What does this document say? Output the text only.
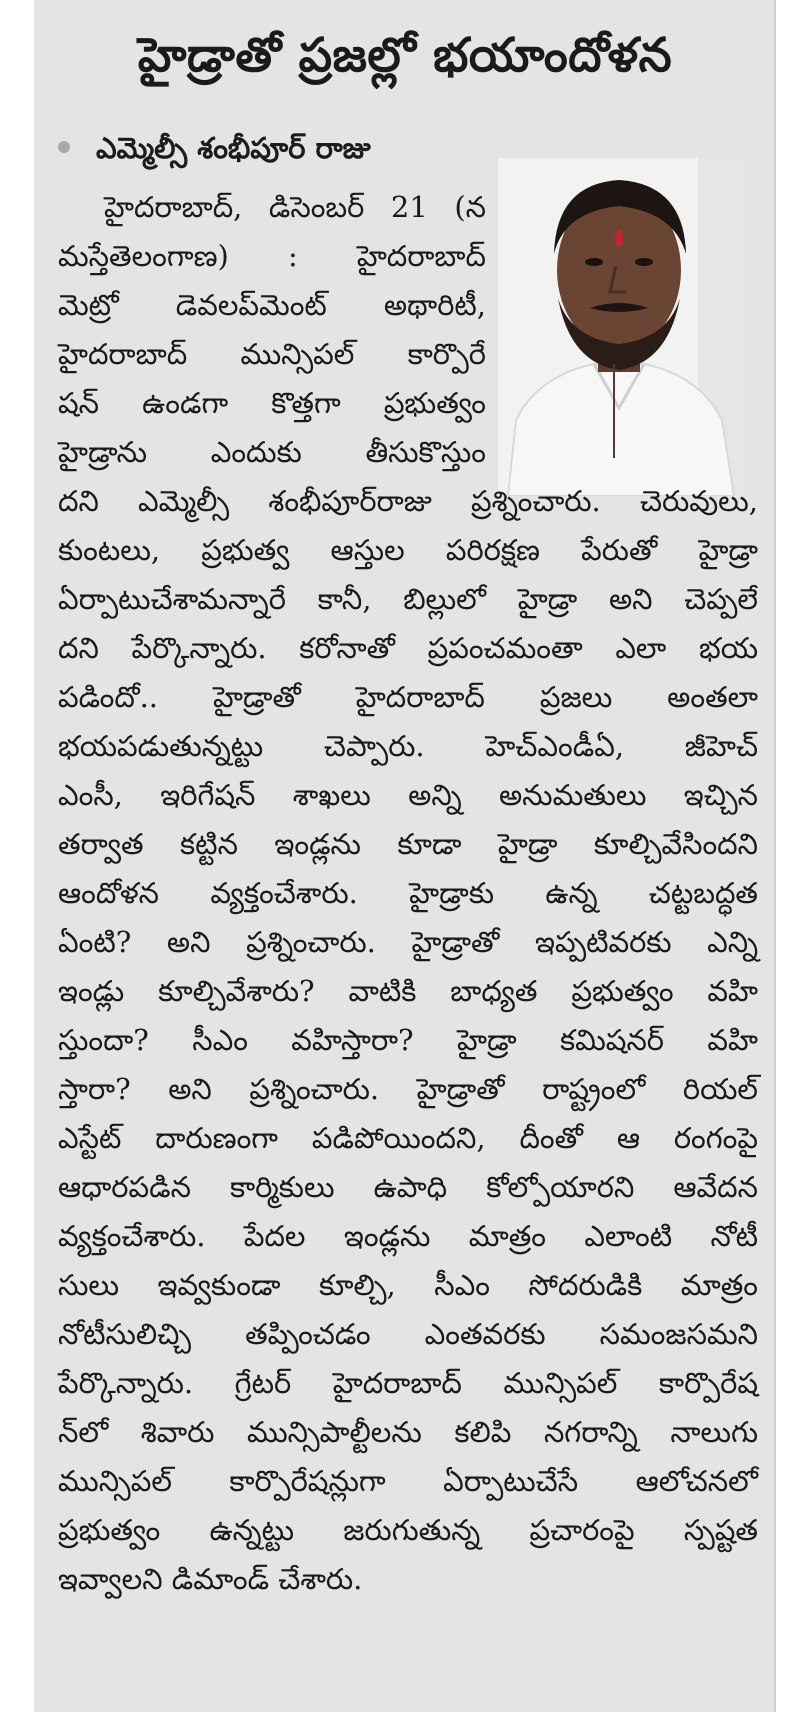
హైడ్రాతో ప్రజల్లో భయాందోళన
ఎమ్మెల్సీ శంభీపూర్ రాజు
హైదరాబాద్, డిసెంబర్ 21 (న
మస్తేతెలంగాణ) : హైదరాబాద్
మెట్రో డెవలప్‌మెంట్ అథారిటీ,
హైదరాబాద్ మున్సిపల్ కార్పొరే
షన్ ఉండగా కొత్తగా ప్రభుత్వం
హైడ్రాను ఎందుకు తీసుకొస్తుం
దని ఎమ్మెల్సీ శంభీపూర్‌రాజు ప్రశ్నించారు. చెరువులు,
కుంటలు, ప్రభుత్వ ఆస్తుల పరిరక్షణ పేరుతో హైడ్రా
ఏర్పాటుచేశామన్నారే కానీ, బిల్లులో హైడ్రా అని చెప్పలే
దని పేర్కొన్నారు. కరోనాతో ప్రపంచమంతా ఎలా భయ
పడిందో.. హైడ్రాతో హైదరాబాద్ ప్రజలు అంతలా
భయపడుతున్నట్టు చెప్పారు. హెచ్‌ఎండీఏ, జీహెచ్
ఎంసీ, ఇరిగేషన్ శాఖలు అన్ని అనుమతులు ఇచ్చిన
తర్వాత కట్టిన ఇండ్లను కూడా హైడ్రా కూల్చివేసిందని
ఆందోళన వ్యక్తంచేశారు. హైడ్రాకు ఉన్న చట్టబద్ధత
ఏంటి? అని ప్రశ్నించారు. హైడ్రాతో ఇప్పటివరకు ఎన్ని
ఇండ్లు కూల్చివేశారు? వాటికి బాధ్యత ప్రభుత్వం వహి
స్తుందా? సీఎం వహిస్తారా? హైడ్రా కమిషనర్ వహి
స్తారా? అని ప్రశ్నించారు. హైడ్రాతో రాష్ట్రంలో రియల్
ఎస్టేట్ దారుణంగా పడిపోయిందని, దీంతో ఆ రంగంపై
ఆధారపడిన కార్మికులు ఉపాధి కోల్పోయారని ఆవేదన
వ్యక్తంచేశారు. పేదల ఇండ్లను మాత్రం ఎలాంటి నోటీ
సులు ఇవ్వకుండా కూల్చి, సీఎం సోదరుడికి మాత్రం
నోటీసులిచ్చి తప్పించడం ఎంతవరకు సమంజసమని
పేర్కొన్నారు. గ్రేటర్ హైదరాబాద్ మున్సిపల్ కార్పొరేష
న్‌లో శివారు మున్సిపాల్టీలను కలిపి నగరాన్ని నాలుగు
మున్సిపల్ కార్పొరేషన్లుగా ఏర్పాటుచేసే ఆలోచనలో
ప్రభుత్వం ఉన్నట్టు జరుగుతున్న ప్రచారంపై స్పష్టత
ఇవ్వాలని డిమాండ్ చేశారు.
